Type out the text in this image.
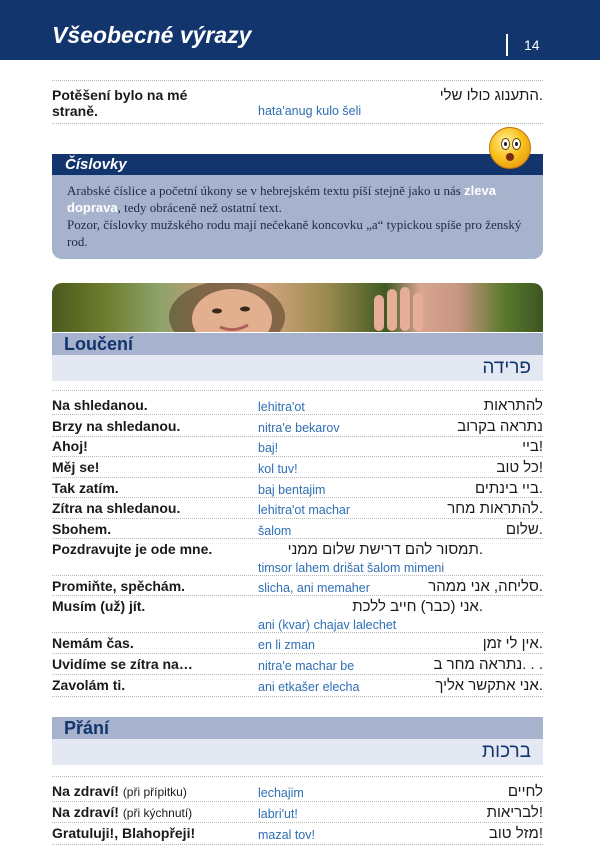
Všeobecné výrazy	14
Potěšení bylo na mé
straně.	hata'anug kulo šeli
התענוג כולו שלי.
Číslovky
Arabské číslice a početní úkony se v hebrejském textu píší stejně jako u nás zleva doprava, tedy obráceně než ostatní text.
Pozor, číslovky mužského rodu mají nečekaně koncovku „a“ typickou spíše pro ženský rod.
Loučení
פרידה
Na shledanou.	lehitra'ot	להתראות
Brzy na shledanou.	nitra'e bekarov	נתראה בקרוב
Ahoj!	baj!	ביי!
Měj se!	kol tuv!	כל טוב!
Tak zatím.	baj bentajim	ביי בינתים.
Zítra na shledanou.	lehitra'ot machar	להתראות מחר.
Sbohem.	šalom	שלום.
Pozdravujte je ode mne.
timsor lahem drišat šalom mimeni
תמסור להם דרישת שלום ממני.
Promiňte, spěchám.	slicha, ani memaher	סליחה, אני ממהר.
Musím (už) jít.
ani (kvar) chajav lalechet
אני (כבר) חייב ללכת.
Nemám čas.	en li zman	אין לי זמן.
Uvidíme se zítra na…	nitra'e machar be	נתראה מחר ב. . .
Zavolám ti.	ani etkašer elecha	אני אתקשר אליך.
Přání
ברכות
Na zdraví! (při přípitku)	lechajim	לחיים
Na zdraví! (při kýchnutí)	labri'ut!	לבריאות!
Gratuluji!, Blahopřeji!	mazal tov!	מזל טוב!
